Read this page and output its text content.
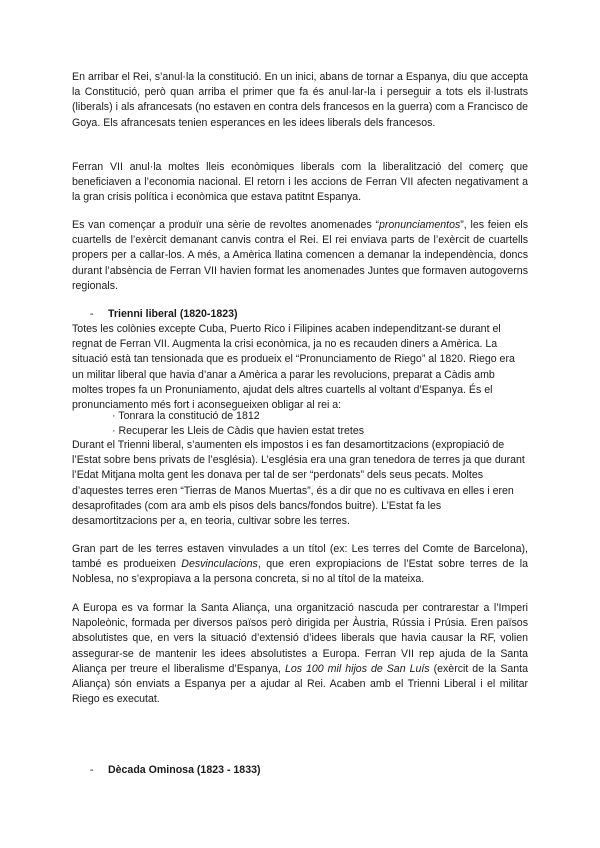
En arribar el Rei, s’anul·la la constitució. En un inici, abans de tornar a Espanya, diu que accepta la Constitució, però quan arriba el primer que fa és anul·lar-la i perseguir a tots els il·lustrats (liberals) i als afrancesats (no estaven en contra dels francesos en la guerra) com a Francisco de Goya. Els afrancesats tenien esperances en les idees liberals dels francesos.
Ferran VII anul·la moltes lleis econòmiques liberals com la liberalització del comerç que beneficiaven a l’economia nacional. El retorn i les accions de Ferran VII afecten negativament a la gran crisis política i econòmica que estava patitnt Espanya.
Es van començar a produïr una sèrie de revoltes anomenades “pronunciamentos”, les feien els cuartells de l’exèrcit demanant canvis contra el Rei. El rei enviava parts de l’exèrcit de cuartells propers per a callar-los. A més, a Amèrica llatina comencen a demanar la independència, doncs durant l’absència de Ferran VII havien format les anomenades Juntes que formaven autogoverns regionals.
- Trienni liberal (1820-1823)
Totes les colònies excepte Cuba, Puerto Rico i Filipines acaben independitzant-se durant el regnat de Ferran VII. Augmenta la crisi econòmica, ja no es recauden diners a Amèrica. La situació està tan tensionada que es produeix el “Pronunciamento de Riego” al 1820. Riego era un militar liberal que havia d’anar a Amèrica a parar les revolucions, preparat a Càdis amb moltes tropes fa un Pronuniamento, ajudat dels altres cuartells al voltant d’Espanya. És el pronunciamento més fort i aconsegueixen obligar al rei a:
· Tonrara la constitució de 1812
· Recuperar les Lleis de Càdis que havien estat tretes
Durant el Trienni liberal, s’aumenten els impostos i es fan desamortitzacions (expropiació de l’Estat sobre bens privats de l’església). L’església era una gran tenedora de terres ja que durant l’Edat Mitjana molta gent les donava per tal de ser “perdonats” dels seus pecats. Moltes d’aquestes terres eren “Tierras de Manos Muertas”, és a dir que no es cultivava en elles i eren desaprofitades (com ara amb els pisos dels bancs/fondos buitre). L’Estat fa les desamortitzacions per a, en teoria, cultivar sobre les terres.
Gran part de les terres estaven vinvulades a un títol (ex: Les terres del Comte de Barcelona), també es produeixen Desvinculacions, que eren expropiacions de l’Estat sobre terres de la Noblesa, no s’expropiava a la persona concreta, si no al títol de la mateixa.
A Europa es va formar la Santa Aliança, una organització nascuda per contrarestar a l’Imperi Napoleònic, formada per diversos països però dirigida per Àustria, Rússia i Prúsia. Eren països absolutistes que, en vers la situació d’extensió d’idees liberals que havia causar la RF, volien assegurar-se de mantenir les idees absolutistes a Europa. Ferran VII rep ajuda de la Santa Aliança per treure el liberalisme d’Espanya, Los 100 mil hijos de San Luís (exèrcit de la Santa Aliança) són enviats a Espanya per a ajudar al Rei. Acaben amb el Trienni Liberal i el militar Riego es executat.
- Dècada Ominosa (1823 - 1833)
